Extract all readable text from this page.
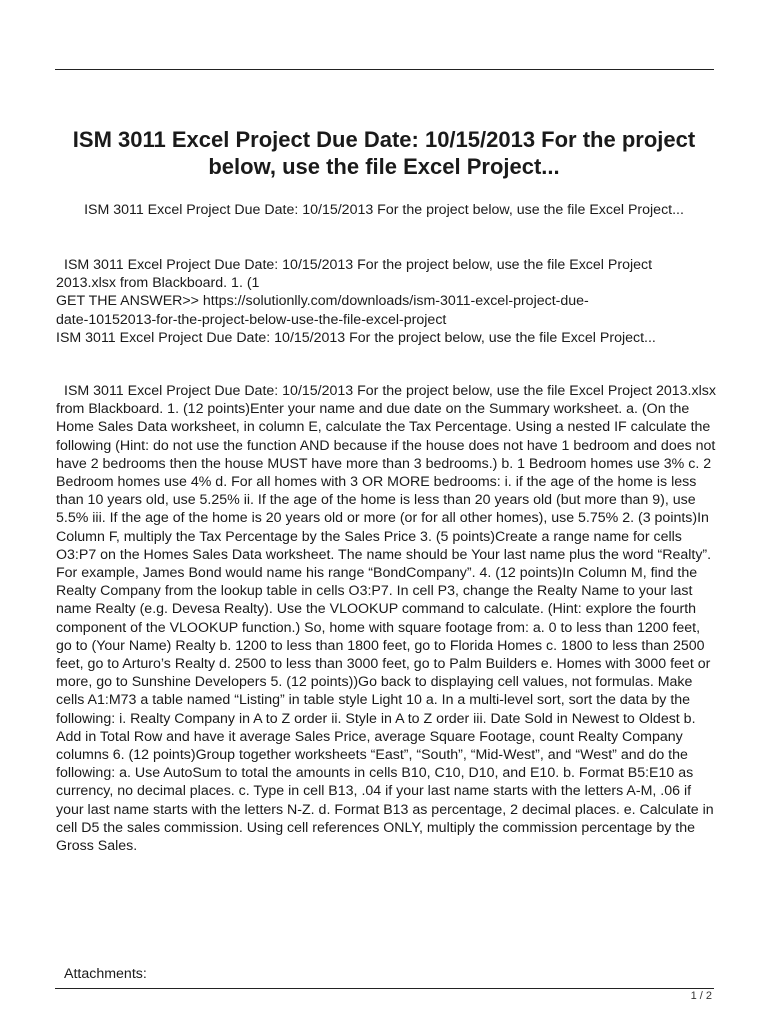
ISM 3011 Excel Project Due Date: 10/15/2013 For the project below, use the file Excel Project...
ISM 3011 Excel Project Due Date: 10/15/2013 For the project below, use the file Excel Project...
ISM 3011 Excel Project Due Date: 10/15/2013 For the project below, use the file Excel Project
2013.xlsx from Blackboard. 1. (1
GET THE ANSWER>> https://solutionlly.com/downloads/ism-3011-excel-project-due-
date-10152013-for-the-project-below-use-the-file-excel-project
ISM 3011 Excel Project Due Date: 10/15/2013 For the project below, use the file Excel Project...
ISM 3011 Excel Project Due Date: 10/15/2013 For the project below, use the file Excel Project 2013.xlsx from Blackboard. 1. (12 points)Enter your name and due date on the Summary worksheet. a. (On the Home Sales Data worksheet, in column E, calculate the Tax Percentage. Using a nested IF calculate the following (Hint: do not use the function AND because if the house does not have 1 bedroom and does not have 2 bedrooms then the house MUST have more than 3 bedrooms.) b. 1 Bedroom homes use 3% c. 2 Bedroom homes use 4% d. For all homes with 3 OR MORE bedrooms: i. if the age of the home is less than 10 years old, use 5.25% ii. If the age of the home is less than 20 years old (but more than 9), use 5.5% iii. If the age of the home is 20 years old or more (or for all other homes), use 5.75% 2. (3 points)In Column F, multiply the Tax Percentage by the Sales Price 3. (5 points)Create a range name for cells O3:P7 on the Homes Sales Data worksheet. The name should be Your last name plus the word “Realty”. For example, James Bond would name his range “BondCompany”. 4. (12 points)In Column M, find the Realty Company from the lookup table in cells O3:P7. In cell P3, change the Realty Name to your last name Realty (e.g. Devesa Realty). Use the VLOOKUP command to calculate. (Hint: explore the fourth component of the VLOOKUP function.) So, home with square footage from: a. 0 to less than 1200 feet, go to (Your Name) Realty b. 1200 to less than 1800 feet, go to Florida Homes c. 1800 to less than 2500 feet, go to Arturo’s Realty d. 2500 to less than 3000 feet, go to Palm Builders e. Homes with 3000 feet or more, go to Sunshine Developers 5. (12 points))Go back to displaying cell values, not formulas. Make cells A1:M73 a table named “Listing” in table style Light 10 a. In a multi-level sort, sort the data by the following: i. Realty Company in A to Z order ii. Style in A to Z order iii. Date Sold in Newest to Oldest b. Add in Total Row and have it average Sales Price, average Square Footage, count Realty Company columns 6. (12 points)Group together worksheets “East”, “South”, “Mid-West”, and “West” and do the following: a. Use AutoSum to total the amounts in cells B10, C10, D10, and E10. b. Format B5:E10 as currency, no decimal places. c. Type in cell B13, .04 if your last name starts with the letters A-M, .06 if your last name starts with the letters N-Z. d. Format B13 as percentage, 2 decimal places. e. Calculate in cell D5 the sales commission. Using cell references ONLY, multiply the commission percentage by the Gross Sales.
Attachments:
1 / 2
